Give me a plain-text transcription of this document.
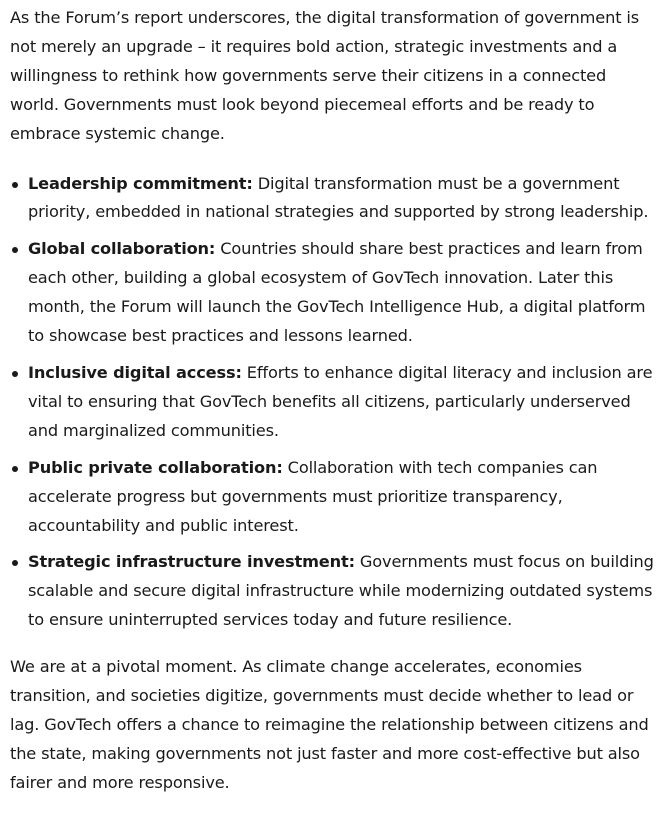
As the Forum’s report underscores, the digital transformation of government is not merely an upgrade – it requires bold action, strategic investments and a willingness to rethink how governments serve their citizens in a connected world. Governments must look beyond piecemeal efforts and be ready to embrace systemic change.

Leadership commitment: Digital transformation must be a government priority, embedded in national strategies and supported by strong leadership.
Global collaboration: Countries should share best practices and learn from each other, building a global ecosystem of GovTech innovation. Later this month, the Forum will launch the GovTech Intelligence Hub, a digital platform to showcase best practices and lessons learned.
Inclusive digital access: Efforts to enhance digital literacy and inclusion are vital to ensuring that GovTech benefits all citizens, particularly underserved and marginalized communities.
Public private collaboration: Collaboration with tech companies can accelerate progress but governments must prioritize transparency, accountability and public interest.
Strategic infrastructure investment: Governments must focus on building scalable and secure digital infrastructure while modernizing outdated systems to ensure uninterrupted services today and future resilience.

We are at a pivotal moment. As climate change accelerates, economies transition, and societies digitize, governments must decide whether to lead or lag. GovTech offers a chance to reimagine the relationship between citizens and the state, making governments not just faster and more cost-effective but also fairer and more responsive.
